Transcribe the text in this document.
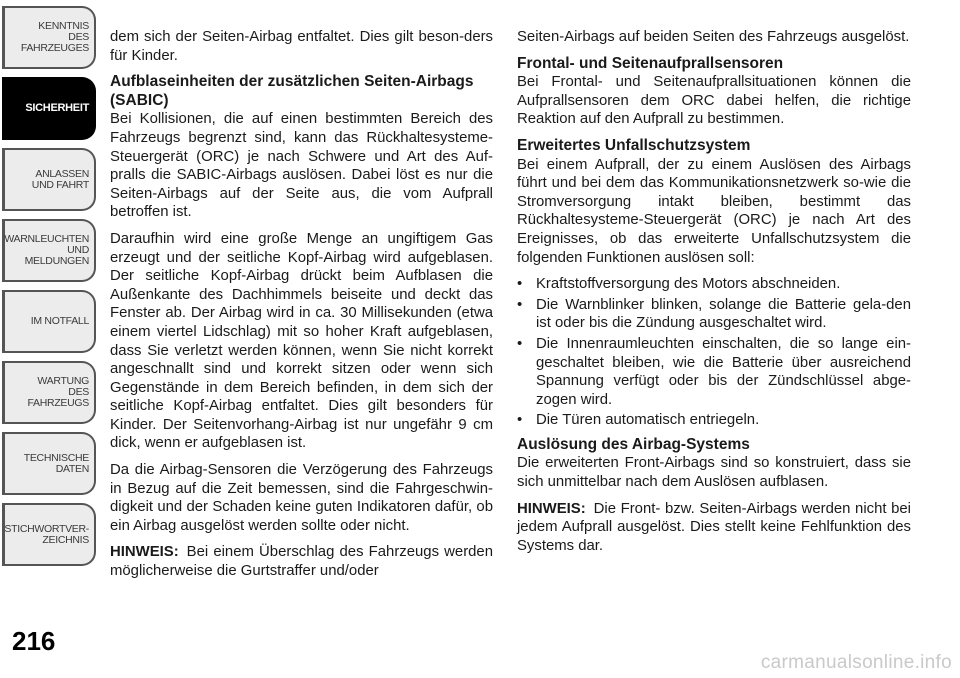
KENNTNIS
DES
FAHRZEUGES
SICHERHEIT
ANLASSEN
UND FAHRT
WARNLEUCHTEN
UND
MELDUNGEN
IM NOTFALL
WARTUNG
DES
FAHRZEUGS
TECHNISCHE
DATEN
STICHWORTVER-
ZEICHNIS
216

dem sich der Seiten-Airbag entfaltet. Dies gilt beson-ders für Kinder.

Aufblaseinheiten der zusätzlichen Seiten-Airbags (SABIC)

Bei Kollisionen, die auf einen bestimmten Bereich des Fahrzeugs begrenzt sind, kann das Rückhaltesysteme-Steuergerät (ORC) je nach Schwere und Art des Auf-pralls die SABIC-Airbags auslösen. Dabei löst es nur die Seiten-Airbags auf der Seite aus, die vom Aufprall betroffen ist.

Daraufhin wird eine große Menge an ungiftigem Gas erzeugt und der seitliche Kopf-Airbag wird aufgeblasen. Der seitliche Kopf-Airbag drückt beim Aufblasen die Außenkante des Dachhimmels beiseite und deckt das Fenster ab. Der Airbag wird in ca. 30 Millisekunden (etwa einem viertel Lidschlag) mit so hoher Kraft aufgeblasen, dass Sie verletzt werden können, wenn Sie nicht korrekt angeschnallt sind und korrekt sitzen oder wenn sich Gegenstände in dem Bereich befinden, in dem sich der seitliche Kopf-Airbag entfaltet. Dies gilt besonders für Kinder. Der Seitenvorhang-Airbag ist nur ungefähr 9 cm dick, wenn er aufgeblasen ist.

Da die Airbag-Sensoren die Verzögerung des Fahrzeugs in Bezug auf die Zeit bemessen, sind die Fahrgeschwin-digkeit und der Schaden keine guten Indikatoren dafür, ob ein Airbag ausgelöst werden sollte oder nicht.

HINWEIS: Bei einem Überschlag des Fahrzeugs werden möglicherweise die Gurtstraffer und/oder

Seiten-Airbags auf beiden Seiten des Fahrzeugs ausgelöst.

Frontal- und Seitenaufprallsensoren

Bei Frontal- und Seitenaufprallsituationen können die Aufprallsensoren dem ORC dabei helfen, die richtige Reaktion auf den Aufprall zu bestimmen.

Erweitertes Unfallschutzsystem

Bei einem Aufprall, der zu einem Auslösen des Airbags führt und bei dem das Kommunikationsnetzwerk so-wie die Stromversorgung intakt bleiben, bestimmt das Rückhaltesysteme-Steuergerät (ORC) je nach Art des Ereignisses, ob das erweiterte Unfallschutzsystem die folgenden Funktionen auslösen soll:

• Kraftstoffversorgung des Motors abschneiden.
• Die Warnblinker blinken, solange die Batterie gela-den ist oder bis die Zündung ausgeschaltet wird.
• Die Innenraumleuchten einschalten, die so lange ein-geschaltet bleiben, wie die Batterie über ausreichend Spannung verfügt oder bis der Zündschlüssel abge-zogen wird.
• Die Türen automatisch entriegeln.
Auslösung des Airbag-Systems

Die erweiterten Front-Airbags sind so konstruiert, dass sie sich unmittelbar nach dem Auslösen aufblasen.

HINWEIS: Die Front- bzw. Seiten-Airbags werden nicht bei jedem Aufprall ausgelöst. Dies stellt keine Fehlfunktion des Systems dar.

carmanualsonline.info
